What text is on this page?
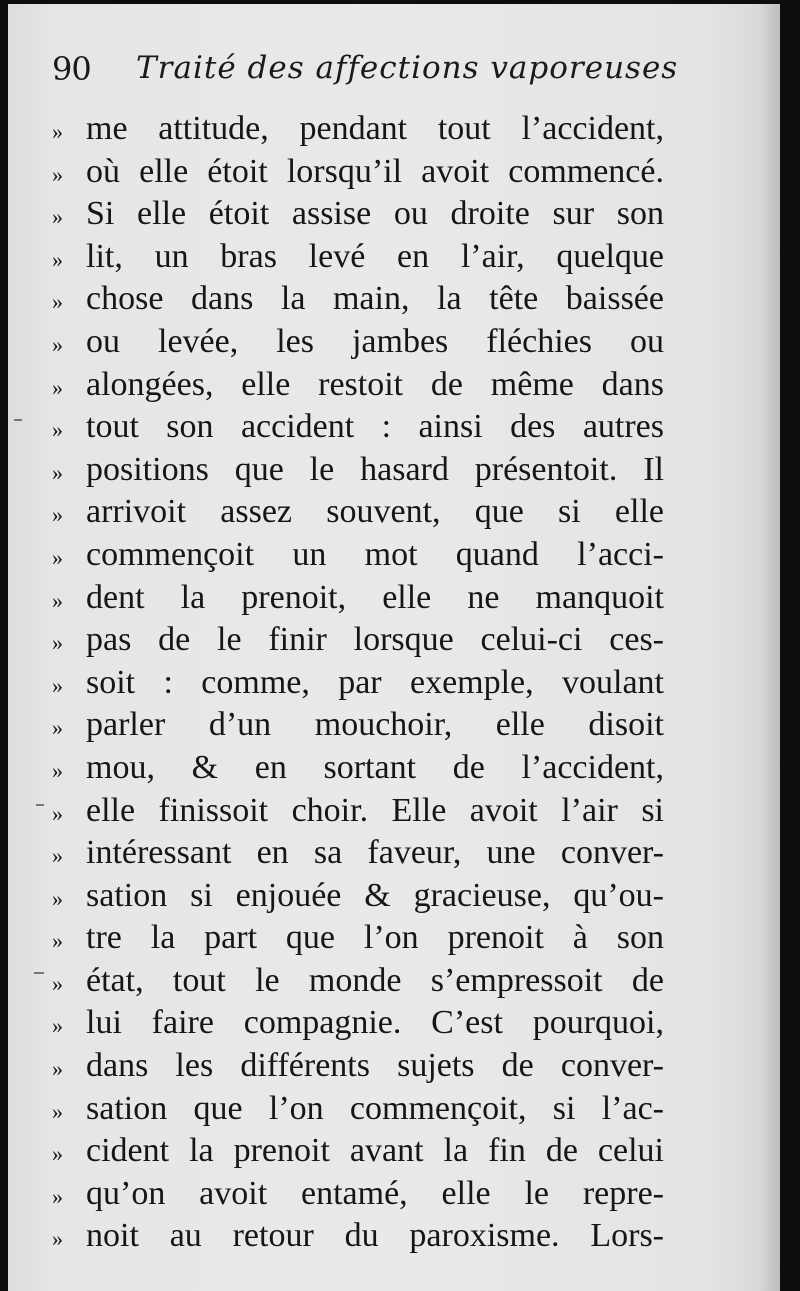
90 Traité des affections vaporeuses
» me attitude, pendant tout l’accident,
» où elle étoit lorsqu’il avoit commencé.
» Si elle étoit assise ou droite sur son
» lit, un bras levé en l’air, quelque
» chose dans la main, la tête baissée
» ou levée, les jambes fléchies ou
» alongées, elle restoit de même dans
» tout son accident : ainsi des autres
» positions que le hasard présentoit. Il
» arrivoit assez souvent, que si elle
» commençoit un mot quand l’acci-
» dent la prenoit, elle ne manquoit
» pas de le finir lorsque celui-ci ces-
» soit : comme, par exemple, voulant
» parler d’un mouchoir, elle disoit
» mou, & en sortant de l’accident,
» elle finissoit choir. Elle avoit l’air si
» intéressant en sa faveur, une conver-
» sation si enjouée & gracieuse, qu’ou-
» tre la part que l’on prenoit à son
» état, tout le monde s’empressoit de
» lui faire compagnie. C’est pourquoi,
» dans les différents sujets de conver-
» sation que l’on commençoit, si l’ac-
» cident la prenoit avant la fin de celui
» qu’on avoit entamé, elle le repre-
» noit au retour du paroxisme. Lors-
